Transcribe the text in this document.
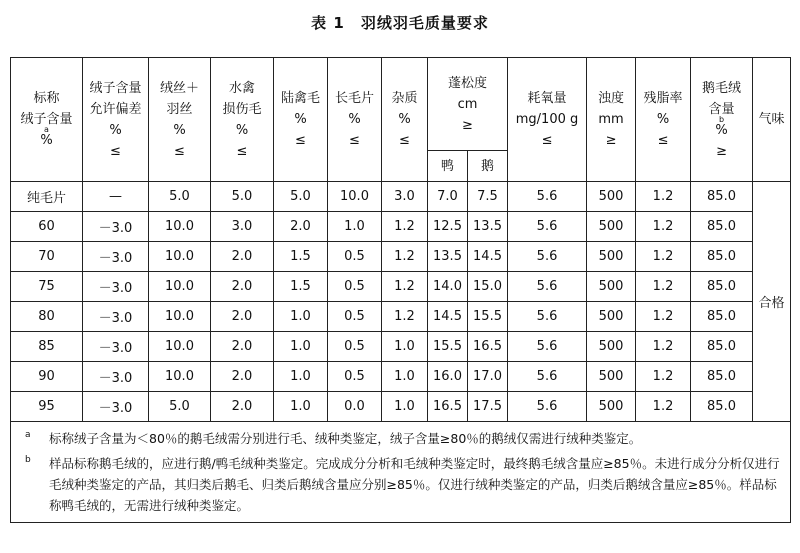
表 1　羽绒羽毛质量要求
标称
绒子含量
a
%	绒子含量
允许偏差
%
≤	绒丝＋
羽丝
%
≤	水禽
损伤毛
%
≤	陆禽毛
%
≤	长毛片
%
≤	杂质
%
≤	蓬松度
cm
≥		耗氧量
mg/100 g
≤	浊度
mm
≥	残脂率
%
≤	鹅毛绒
含量
b
%
≥	气味

							鸭	鹅					
纯毛片	—	5.0	5.0	5.0	10.0	3.0	7.0	7.5	5.6	500	1.2	85.0	合格
60	－3.0	10.0	3.0	2.0	1.0	1.2	12.5	13.5	5.6	500	1.2	85.0	
70	－3.0	10.0	2.0	1.5	0.5	1.2	13.5	14.5	5.6	500	1.2	85.0	
75	－3.0	10.0	2.0	1.5	0.5	1.2	14.0	15.0	5.6	500	1.2	85.0	
80	－3.0	10.0	2.0	1.0	0.5	1.2	14.5	15.5	5.6	500	1.2	85.0	
85	－3.0	10.0	2.0	1.0	0.5	1.0	15.5	16.5	5.6	500	1.2	85.0	
90	－3.0	10.0	2.0	1.0	0.5	1.0	16.0	17.0	5.6	500	1.2	85.0	
95	－3.0	5.0	2.0	1.0	0.0	1.0	16.5	17.5	5.6	500	1.2	85.0	

a 标称绒子含量为＜80％的鹅毛绒需分别进行毛、绒种类鉴定，绒子含量≥80％的鹅绒仅需进行绒种类鉴定。
b 样品标称鹅毛绒的，应进行鹅/鸭毛绒种类鉴定。完成成分分析和毛绒种类鉴定时，最终鹅毛绒含量应≥85％。未进行成分分析仅进行毛绒种类鉴定的产品，其归类后鹅毛、归类后鹅绒含量应分别≥85％。仅进行绒种类鉴定的产品，归类后鹅绒含量应≥85％。样品标称鸭毛绒的，无需进行绒种类鉴定。													
